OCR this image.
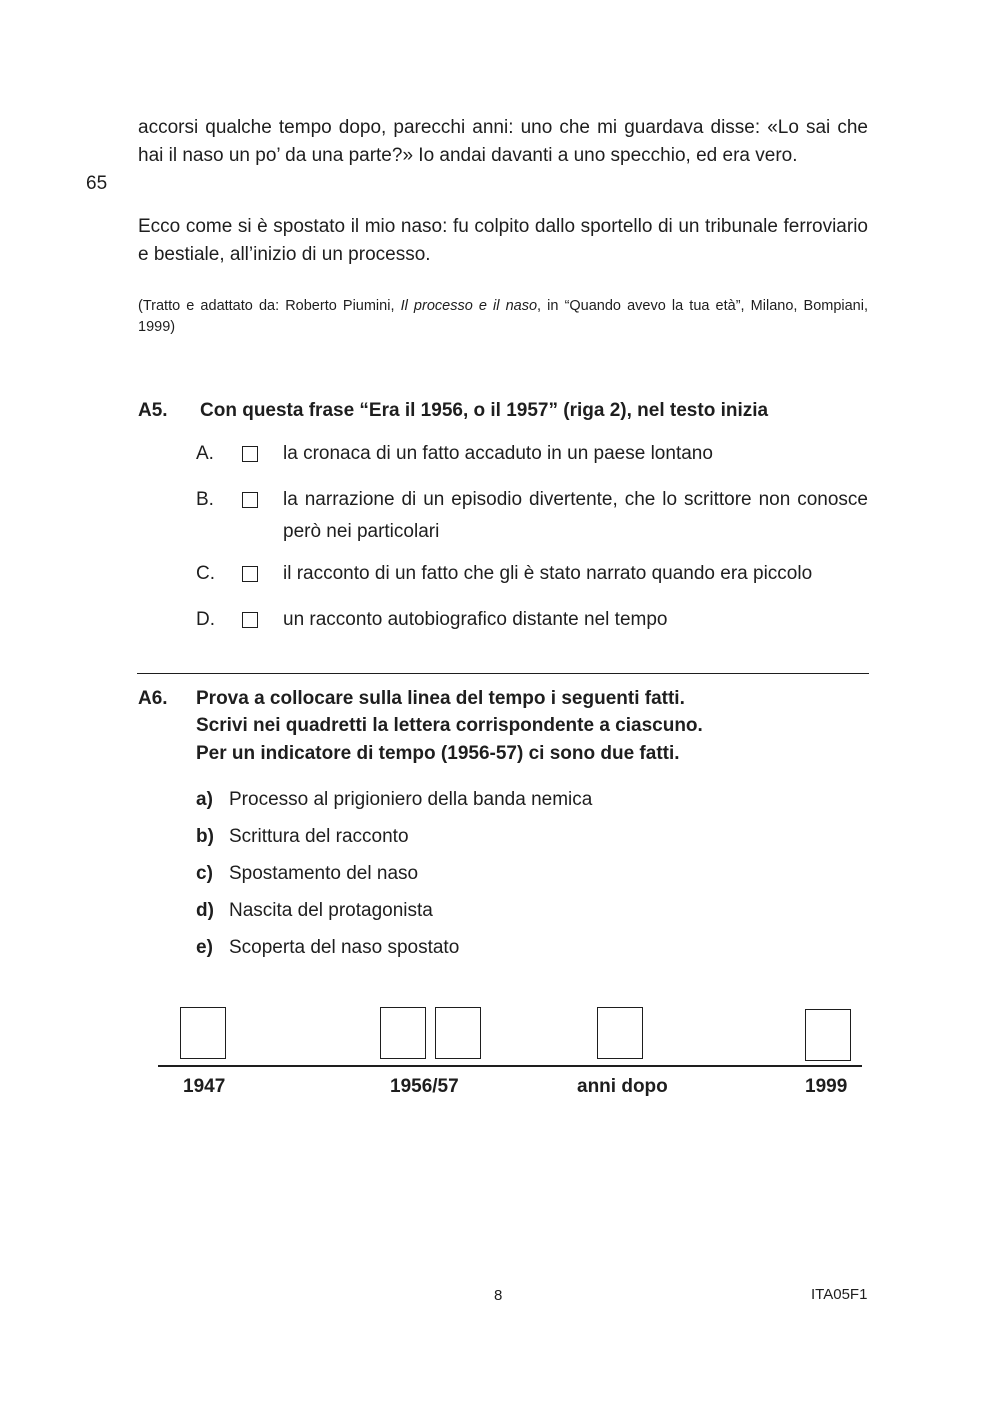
accorsi qualche tempo dopo, parecchi anni: uno che mi guardava disse: «Lo sai che hai il naso un po’ da una parte?» Io andai davanti a uno specchio, ed era vero.
65
Ecco come si è spostato il mio naso: fu colpito dallo sportello di un tribunale ferroviario e bestiale, all’inizio di un processo.
(Tratto e adattato da: Roberto Piumini, Il processo e il naso, in “Quando avevo la tua età”, Milano, Bompiani, 1999)
A5. Con questa frase “Era il 1956, o il 1957” (riga 2), nel testo inizia
A.	la cronaca di un fatto accaduto in un paese lontano
B.	la narrazione di un episodio divertente, che lo scrittore non conosce però nei particolari
C.	il racconto di un fatto che gli è stato narrato quando era piccolo
D.	un racconto autobiografico distante nel tempo
A6. Prova a collocare sulla linea del tempo i seguenti fatti.
Scrivi nei quadretti la lettera corrispondente a ciascuno.
Per un indicatore di tempo (1956-57) ci sono due fatti.
a) Processo al prigioniero della banda nemica
b) Scrittura del racconto
c) Spostamento del naso
d) Nascita del protagonista
e) Scoperta del naso spostato
1947	1956/57	anni dopo	1999
8	ITA05F1
